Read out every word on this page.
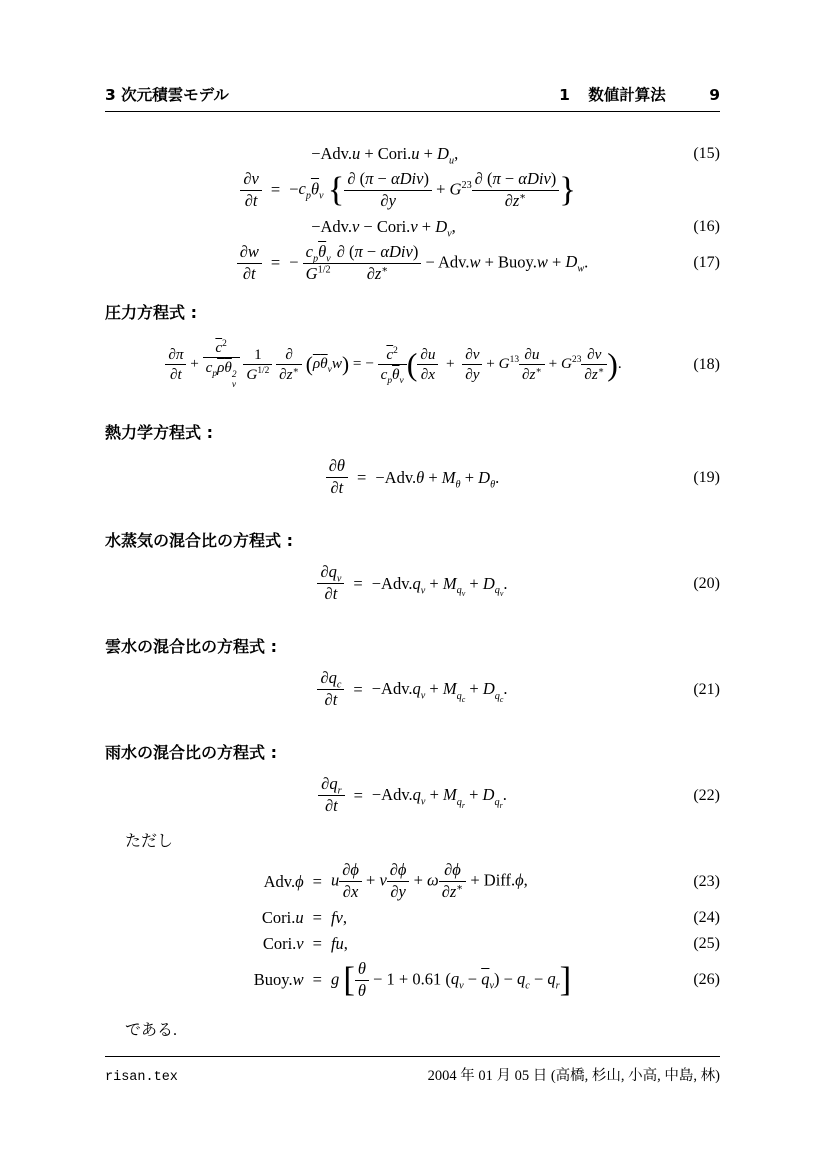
3 次元積雲モデル	1 数値計算法	9
−Adv.u + Cori.u + $D_u$,	(15)
$\frac{\partial v}{\partial t} = -c_p\overline{\theta}_v$ { ∂ (π − αDiv)
∂y
+ $G^{23}$ ∂ (π − αDiv)
∂z∗ }
−Adv.v − Cori.v + $D_v$,	(16)
$\frac{\partial w}{\partial t}$ = −
$c_p\overline{\theta}_v$
$G^{1/2}$
∂ (π − αDiv)
∂z∗	− Adv.w + Buoy.w + $D_w$.	(17)
圧力方程式 :
$\frac{\partial\pi}{\partial t}$ +
$\overline{c}^2$
$c_p\overline{\rho}\overline{\theta}$ 2
v

$\frac{1}{G^{1/2}}$
∂
∂z∗ $(\overline{\rho}\overline{\theta}_vw)$ = −
$\overline{c}^2$
$c_p\overline{\theta}_v$ ( $\frac{\partial u}{\partial x} + \frac{\partial v}{\partial y} + G^{13} \frac{\partial u}{\partial z^∗} + G^{23} \frac{\partial v}{\partial z^∗}$ ).	(18)
熱力学方程式 :
$\frac{\partial\theta}{\partial t} = -Adv.\theta + M_\theta + D_\theta$.	(19)
水蒸気の混合比の方程式 :
$\frac{\partial q_v}{\partial t} = -Adv.q_v + M_{q_v} + D_{q_v}$.	(20)
雲水の混合比の方程式 :
$\frac{\partial q_c}{\partial t} = -Adv.q_v + M_{q_c} + D_{q_c}$.	(21)
雨水の混合比の方程式 :
$\frac{\partial q_r}{\partial t} = -Adv.q_v + M_{q_r} + D_{q_r}$.	(22)
ただし
Adv.ϕ = u $\frac{\partial\phi}{\partial x} + v \frac{\partial\phi}{\partial y} + \omega \frac{\partial\phi}{\partial z^∗}$ + Diff.ϕ,	(23)
Cori.u = fv,	(24)
Cori.v = fu,	(25)
Buoy.w = g [ $\frac{\theta}{\theta} - 1 + 0.61$ $(q_v - \overline{q}_v) - q_c - q_r$]	(26)
である.
risan.tex	2004 年 01 月 05 日 (高橋, 杉山, 小高, 中島, 林)
